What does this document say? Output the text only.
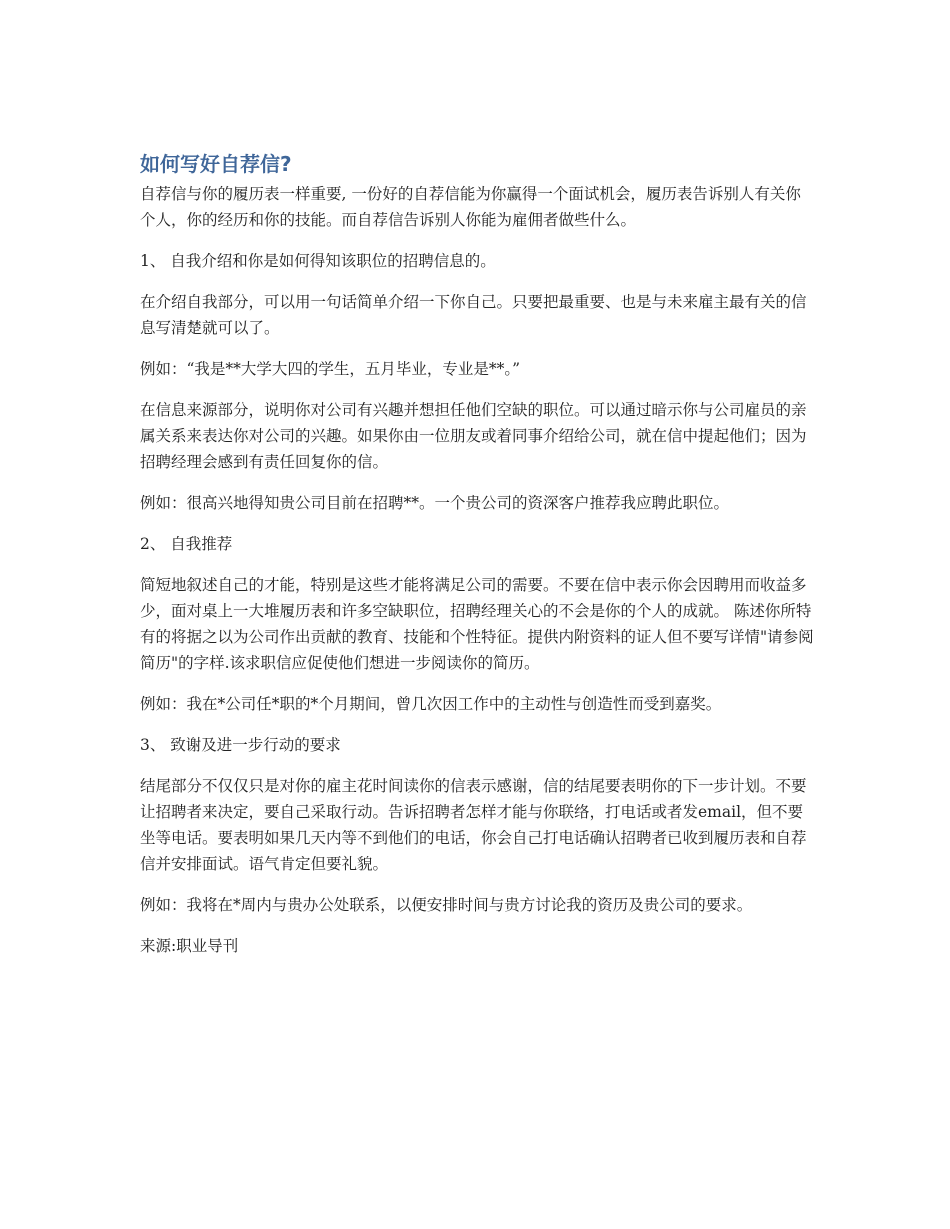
如何写好自荐信?

自荐信与你的履历表一样重要, 一份好的自荐信能为你赢得一个面试机会，履历表告诉别人有关你个人，你的经历和你的技能。而自荐信告诉别人你能为雇佣者做些什么。

1、 自我介绍和你是如何得知该职位的招聘信息的。

在介绍自我部分，可以用一句话简单介绍一下你自己。只要把最重要、也是与未来雇主最有关的信息写清楚就可以了。

例如：“我是**大学大四的学生，五月毕业，专业是**。”

在信息来源部分，说明你对公司有兴趣并想担任他们空缺的职位。可以通过暗示你与公司雇员的亲属关系来表达你对公司的兴趣。如果你由一位朋友或着同事介绍给公司，就在信中提起他们；因为招聘经理会感到有责任回复你的信。

例如：很高兴地得知贵公司目前在招聘**。一个贵公司的资深客户推荐我应聘此职位。

2、 自我推荐

简短地叙述自己的才能，特别是这些才能将满足公司的需要。不要在信中表示你会因聘用而收益多少，面对桌上一大堆履历表和许多空缺职位，招聘经理关心的不会是你的个人的成就。 陈述你所特有的将据之以为公司作出贡献的教育、技能和个性特征。提供内附资料的证人但不要写详情"请参阅简历"的字样.该求职信应促使他们想进一步阅读你的简历。

例如：我在*公司任*职的*个月期间，曾几次因工作中的主动性与创造性而受到嘉奖。

3、 致谢及进一步行动的要求

结尾部分不仅仅只是对你的雇主花时间读你的信表示感谢，信的结尾要表明你的下一步计划。不要让招聘者来决定，要自己采取行动。告诉招聘者怎样才能与你联络，打电话或者发email，但不要坐等电话。要表明如果几天内等不到他们的电话，你会自己打电话确认招聘者已收到履历表和自荐信并安排面试。语气肯定但要礼貌。

例如：我将在*周内与贵办公处联系，以便安排时间与贵方讨论我的资历及贵公司的要求。

来源:职业导刊
